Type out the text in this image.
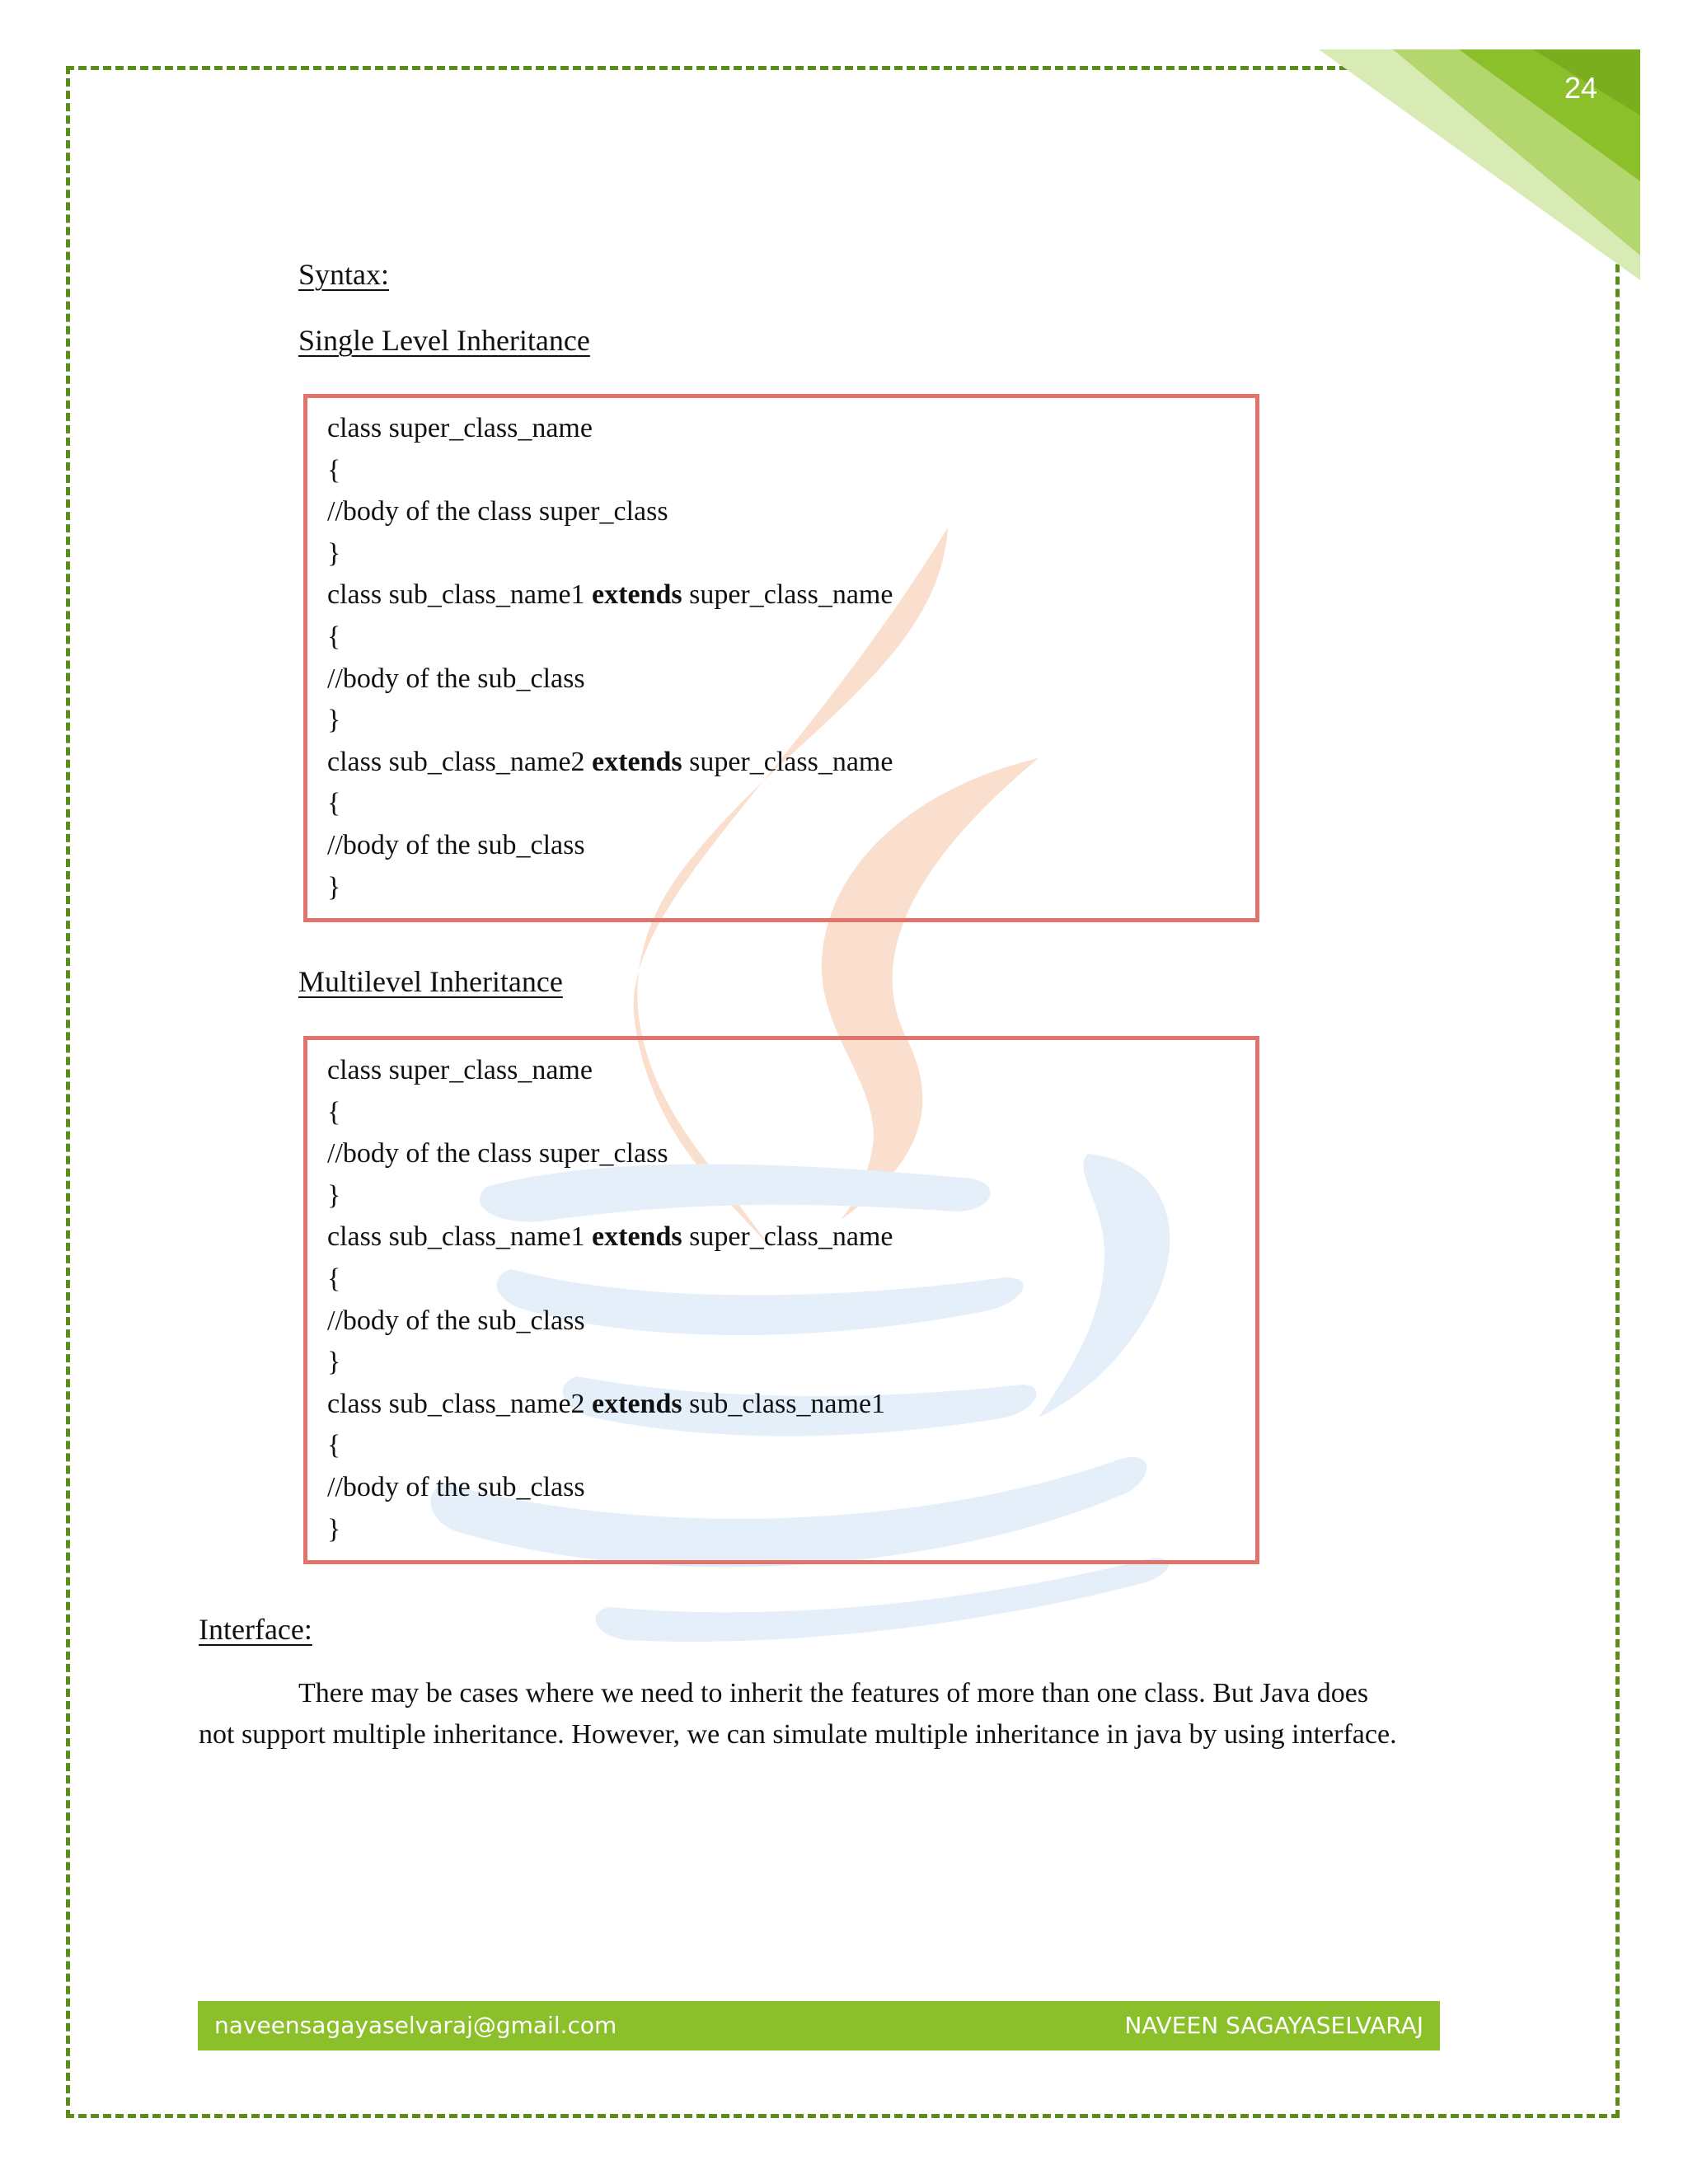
24
Syntax:
Single Level Inheritance
class super_class_name
{
//body of the class super_class
}
class sub_class_name1 extends super_class_name
{
//body of the sub_class
}
class sub_class_name2 extends super_class_name
{
//body of the sub_class
}
Multilevel Inheritance
class super_class_name
{
//body of the class super_class
}
class sub_class_name1 extends super_class_name
{
//body of the sub_class
}
class sub_class_name2 extends sub_class_name1
{
//body of the sub_class
}
Interface:
There may be cases where we need to inherit the features of more than one class. But Java does
not support multiple inheritance. However, we can simulate multiple inheritance in java by using interface.
naveensagayaselvaraj@gmail.com	NAVEEN SAGAYASELVARAJ
